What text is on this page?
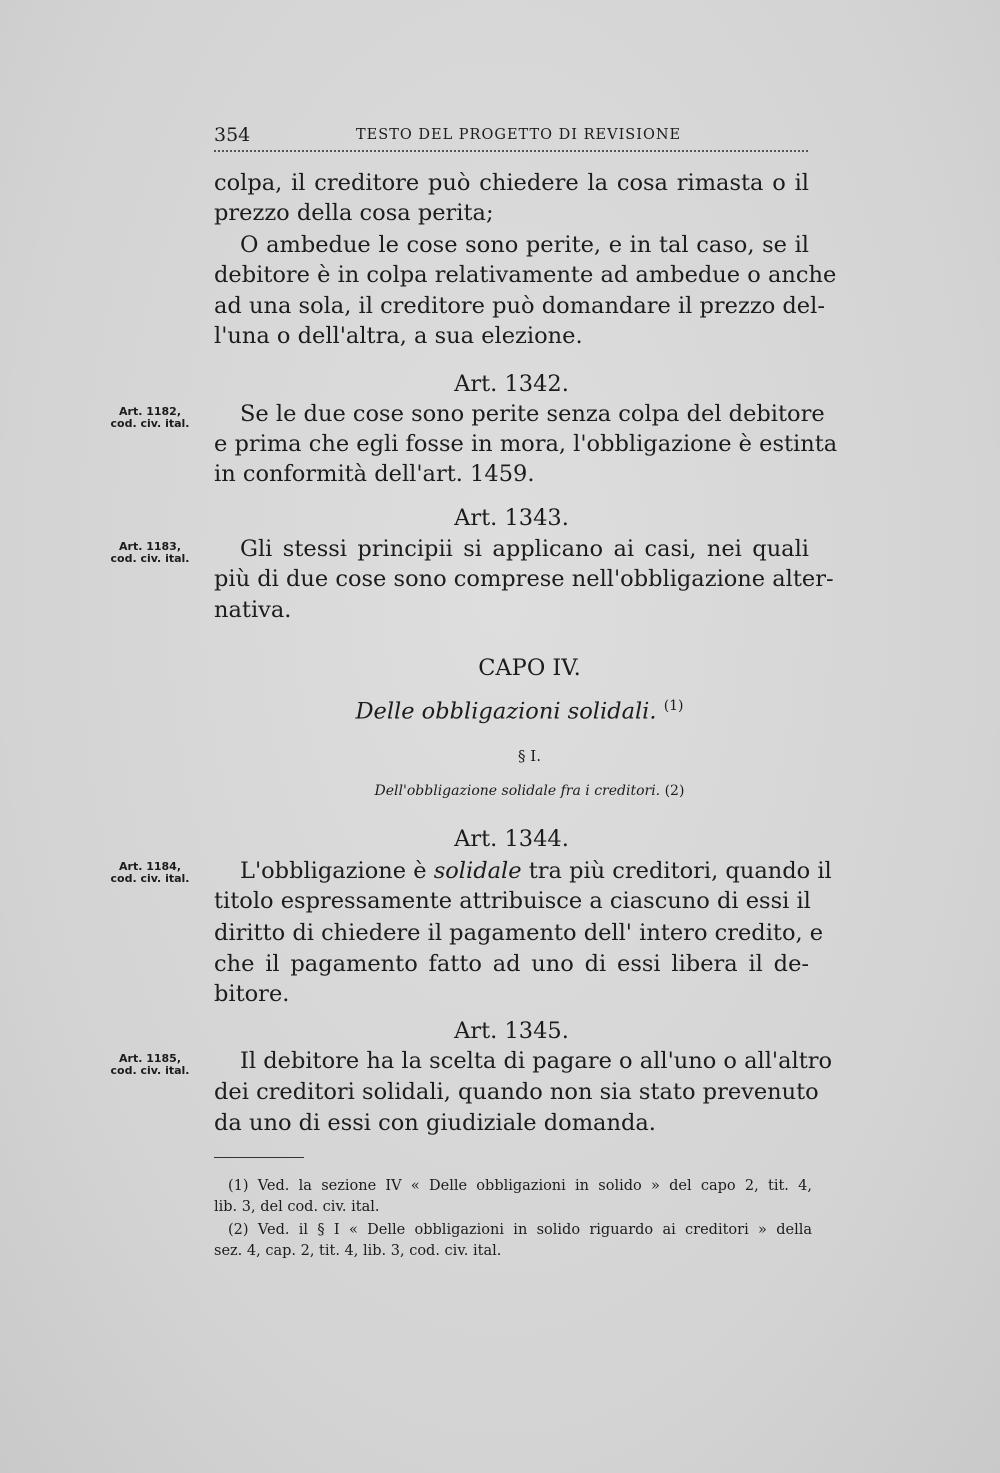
354	TESTO DEL PROGETTO DI REVISIONE
colpa, il creditore può chiedere la cosa rimasta o il
prezzo della cosa perita;
O ambedue le cose sono perite, e in tal caso, se il
debitore è in colpa relativamente ad ambedue o anche
ad una sola, il creditore può domandare il prezzo del-
l'una o dell'altra, a sua elezione.
Art. 1342.
Art. 1182,
cod. civ. ital.	Se le due cose sono perite senza colpa del debitore
e prima che egli fosse in mora, l'obbligazione è estinta
in conformità dell'art. 1459.
Art. 1343.
Art. 1183,
cod. civ. ital.	Gli stessi principii si applicano ai casi, nei quali
più di due cose sono comprese nell'obbligazione alter-
nativa.
CAPO IV.
Delle obbligazioni solidali. $^{(1)}$
§ I.
Dell'obbligazione solidale fra i creditori. (2)
Art. 1344.
Art. 1184,
cod. civ. ital.	L'obbligazione è solidale tra più creditori, quando il
titolo espressamente attribuisce a ciascuno di essi il
diritto di chiedere il pagamento dell' intero credito, e
che il pagamento fatto ad uno di essi libera il de-
bitore.
Art. 1345.
Art. 1185,
cod. civ. ital.	Il debitore ha la scelta di pagare o all'uno o all'altro
dei creditori solidali, quando non sia stato prevenuto
da uno di essi con giudiziale domanda.
(1) Ved. la sezione IV « Delle obbligazioni in solido » del capo 2, tit. 4,
lib. 3, del cod. civ. ital.
(2) Ved. il § I « Delle obbligazioni in solido riguardo ai creditori » della
sez. 4, cap. 2, tit. 4, lib. 3, cod. civ. ital.
